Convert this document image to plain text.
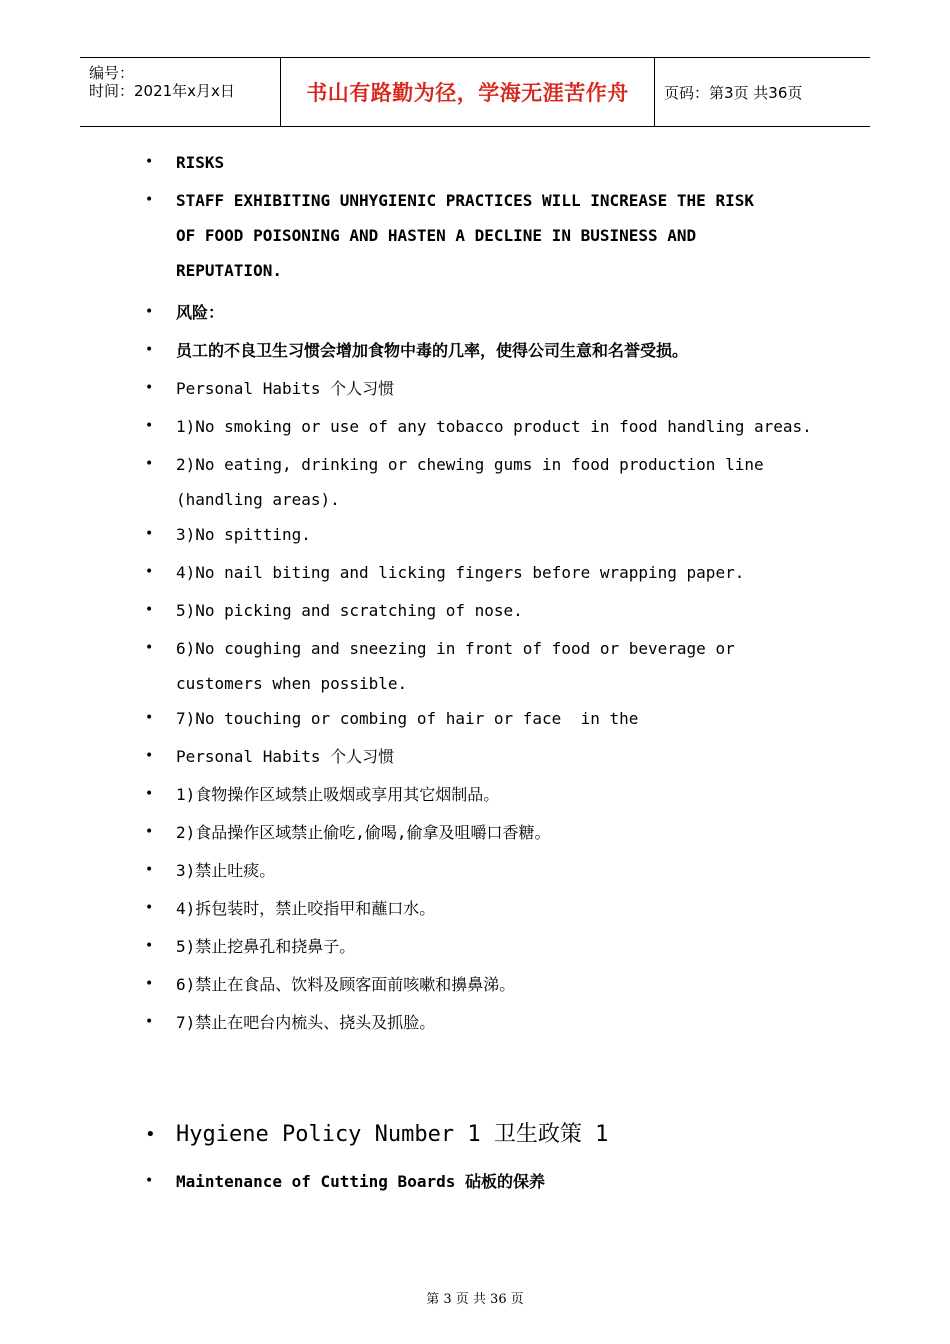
编号：
时间：2021年x月x日	书山有路勤为径，学海无涯苦作舟 页码：第3页 共36页
•	RISKS
•	STAFF EXHIBITING UNHYGIENIC PRACTICES WILL INCREASE THE RISK
OF FOOD POISONING AND HASTEN A DECLINE IN BUSINESS AND
REPUTATION.
•	风险：
•	员工的不良卫生习惯会增加食物中毒的几率，使得公司生意和名誉受损。
•	Personal Habits 个人习惯
•	1)No smoking or use of any tobacco product in food handling areas.
•	2)No eating, drinking or chewing gums in food production line
(handling areas).
•	3)No spitting.
•	4)No nail biting and licking fingers before wrapping paper.
•	5)No picking and scratching of nose.
•	6)No coughing and sneezing in front of food or beverage or
customers when possible.
•	7)No touching or combing of hair or face  in the
•	Personal Habits 个人习惯
•	1)食物操作区域禁止吸烟或享用其它烟制品。
•	2)食品操作区域禁止偷吃,偷喝,偷拿及咀嚼口香糖。
•	3)禁止吐痰。
•	4)拆包装时，禁止咬指甲和蘸口水。
•	5)禁止挖鼻孔和挠鼻子。
•	6)禁止在食品、饮料及顾客面前咳嗽和擤鼻涕。
•	7)禁止在吧台内梳头、挠头及抓脸。
• Hygiene Policy Number 1 卫生政策 1
•	Maintenance of Cutting Boards 砧板的保养
第 3 页 共 36 页
